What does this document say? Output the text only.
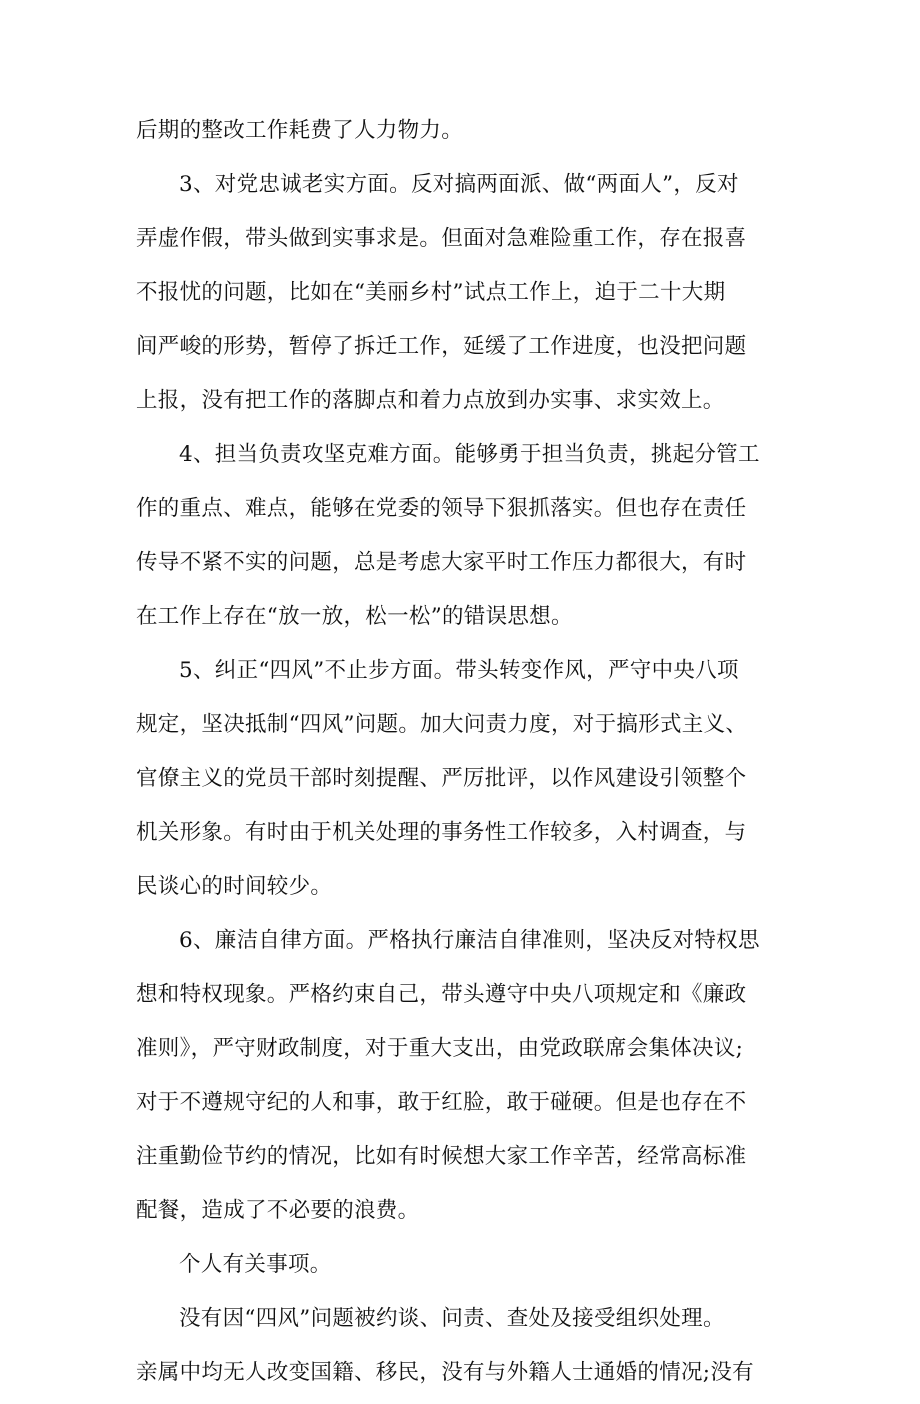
后期的整改工作耗费了人力物力。
3、对党忠诚老实方面。反对搞两面派、做“两面人”，反对
弄虚作假，带头做到实事求是。但面对急难险重工作，存在报喜
不报忧的问题，比如在“美丽乡村”试点工作上，迫于二十大期
间严峻的形势，暂停了拆迁工作，延缓了工作进度，也没把问题
上报，没有把工作的落脚点和着力点放到办实事、求实效上。
4、担当负责攻坚克难方面。能够勇于担当负责，挑起分管工
作的重点、难点，能够在党委的领导下狠抓落实。但也存在责任
传导不紧不实的问题，总是考虑大家平时工作压力都很大，有时
在工作上存在“放一放，松一松”的错误思想。
5、纠正“四风”不止步方面。带头转变作风，严守中央八项
规定，坚决抵制“四风”问题。加大问责力度，对于搞形式主义、
官僚主义的党员干部时刻提醒、严厉批评，以作风建设引领整个
机关形象。有时由于机关处理的事务性工作较多，入村调查，与
民谈心的时间较少。
6、廉洁自律方面。严格执行廉洁自律准则，坚决反对特权思
想和特权现象。严格约束自己，带头遵守中央八项规定和《廉政
准则》，严守财政制度，对于重大支出，由党政联席会集体决议;
对于不遵规守纪的人和事，敢于红脸，敢于碰硬。但是也存在不
注重勤俭节约的情况，比如有时候想大家工作辛苦，经常高标准
配餐，造成了不必要的浪费。
个人有关事项。
没有因“四风”问题被约谈、问责、查处及接受组织处理。
亲属中均无人改变国籍、移民，没有与外籍人士通婚的情况;没有
